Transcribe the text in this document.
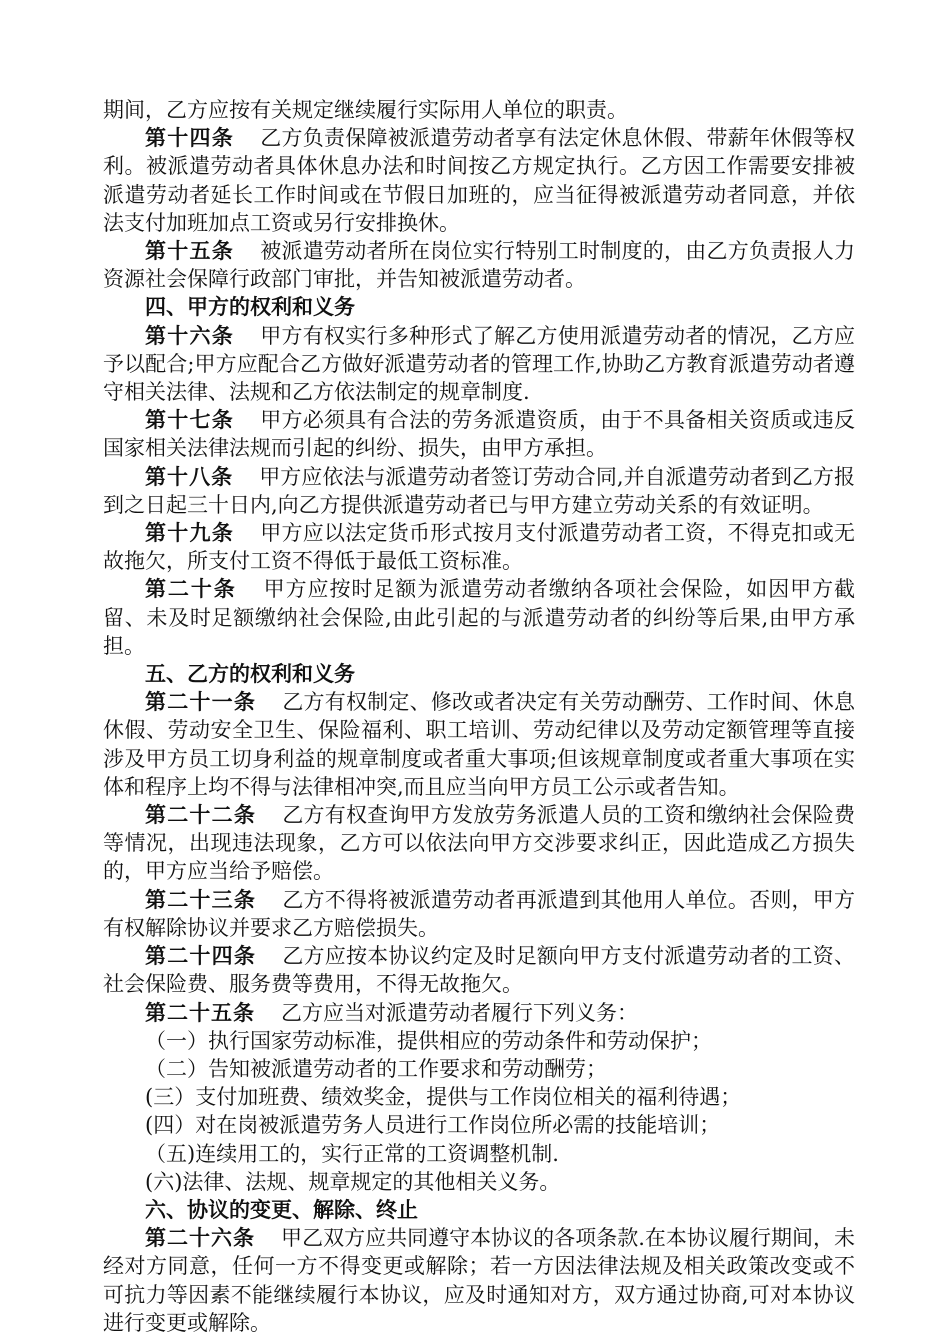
期间，乙方应按有关规定继续履行实际用人单位的职责。

第十四条 乙方负责保障被派遣劳动者享有法定休息休假、带薪年休假等权利。被派遣劳动者具体休息办法和时间按乙方规定执行。乙方因工作需要安排被派遣劳动者延长工作时间或在节假日加班的，应当征得被派遣劳动者同意，并依法支付加班加点工资或另行安排换休。

第十五条 被派遣劳动者所在岗位实行特别工时制度的，由乙方负责报人力资源社会保障行政部门审批，并告知被派遣劳动者。

四、甲方的权利和义务

第十六条 甲方有权实行多种形式了解乙方使用派遣劳动者的情况，乙方应予以配合;甲方应配合乙方做好派遣劳动者的管理工作,协助乙方教育派遣劳动者遵守相关法律、法规和乙方依法制定的规章制度.

第十七条 甲方必须具有合法的劳务派遣资质，由于不具备相关资质或违反国家相关法律法规而引起的纠纷、损失，由甲方承担。

第十八条 甲方应依法与派遣劳动者签订劳动合同,并自派遣劳动者到乙方报到之日起三十日内,向乙方提供派遣劳动者已与甲方建立劳动关系的有效证明。

第十九条 甲方应以法定货币形式按月支付派遣劳动者工资，不得克扣或无故拖欠，所支付工资不得低于最低工资标准。

第二十条 甲方应按时足额为派遣劳动者缴纳各项社会保险，如因甲方截留、未及时足额缴纳社会保险,由此引起的与派遣劳动者的纠纷等后果,由甲方承担。

五、乙方的权利和义务

第二十一条 乙方有权制定、修改或者决定有关劳动酬劳、工作时间、休息休假、劳动安全卫生、保险福利、职工培训、劳动纪律以及劳动定额管理等直接涉及甲方员工切身利益的规章制度或者重大事项;但该规章制度或者重大事项在实体和程序上均不得与法律相冲突,而且应当向甲方员工公示或者告知。

第二十二条 乙方有权查询甲方发放劳务派遣人员的工资和缴纳社会保险费等情况，出现违法现象，乙方可以依法向甲方交涉要求纠正，因此造成乙方损失的，甲方应当给予赔偿。

第二十三条 乙方不得将被派遣劳动者再派遣到其他用人单位。否则，甲方有权解除协议并要求乙方赔偿损失。

第二十四条 乙方应按本协议约定及时足额向甲方支付派遣劳动者的工资、社会保险费、服务费等费用，不得无故拖欠。

第二十五条 乙方应当对派遣劳动者履行下列义务：

（一）执行国家劳动标准，提供相应的劳动条件和劳动保护；

（二）告知被派遣劳动者的工作要求和劳动酬劳；

(三）支付加班费、绩效奖金，提供与工作岗位相关的福利待遇；

(四）对在岗被派遣劳务人员进行工作岗位所必需的技能培训；

（五)连续用工的，实行正常的工资调整机制.

(六)法律、法规、规章规定的其他相关义务。

六、协议的变更、解除、终止

第二十六条 甲乙双方应共同遵守本协议的各项条款.在本协议履行期间，未经对方同意，任何一方不得变更或解除；若一方因法律法规及相关政策改变或不可抗力等因素不能继续履行本协议，应及时通知对方，双方通过协商,可对本协议进行变更或解除。
